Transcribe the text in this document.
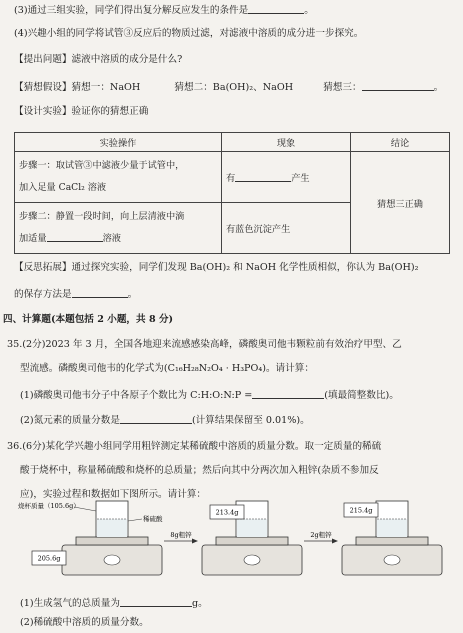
(3)通过三组实验，同学们得出复分解反应发生的条件是	。
(4)兴趣小组的同学将试管③反应后的物质过滤，对滤液中溶质的成分进一步探究。
【提出问题】滤液中溶质的成分是什么?
【猜想假设】猜想一：NaOH	猜想二：Ba(OH)₂、NaOH	猜想三：	。
【设计实验】验证你的猜想正确
实验操作	现象	结论

步骤一：取试管③中滤液少量于试管中，
加入足量 CaCl₂ 溶液	有 产生	猜想三正确

步骤二：静置一段时间，向上层清液中滴
加适量 溶液	有蓝色沉淀产生	
【反思拓展】通过探究实验，同学们发现 Ba(OH)₂ 和 NaOH 化学性质相似，你认为 Ba(OH)₂
的保存方法是	。
四、计算题(本题包括 2 小题，共 8 分)
35.(2分)2023 年 3 月，全国各地迎来流感感染高峰，磷酸奥司他韦颗粒前有效治疗甲型、乙
型流感。磷酸奥司他韦的化学式为(C₁₆H₂₈N₂O₄ · H₃PO₄)。请计算：
(1)磷酸奥司他韦分子中各原子个数比为 C:H:O:N:P =	(填最简整数比)。
(2)氮元素的质量分数是	(计算结果保留至 0.01%)。
36.(6分)某化学兴趣小组同学用粗锌测定某稀硫酸中溶质的质量分数。取一定质量的稀硫
酸于烧杯中，称量稀硫酸和烧杯的总质量；然后向其中分两次加入粗锌(杂质不参加反
应)，实验过程和数据如下图所示。请计算：
烧杯质量（105.6g）
稀硫酸
205.6g
8g粗锌
213.4g
2g粗锌
215.4g
(1)生成氢气的总质量为	g。
(2)稀硫酸中溶质的质量分数。
